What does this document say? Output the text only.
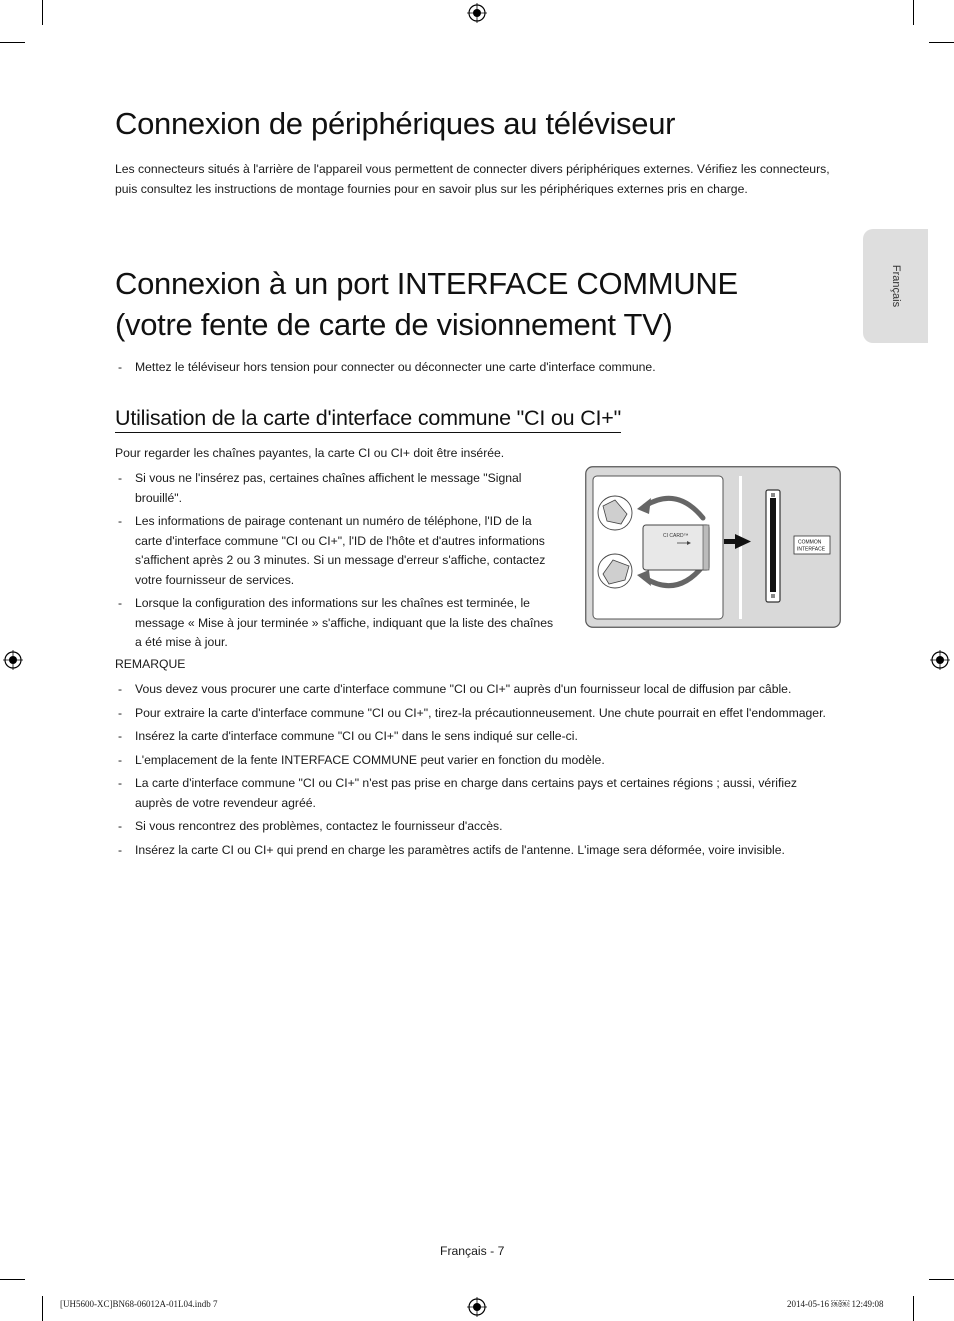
Connexion de périphériques au téléviseur

Les connecteurs situés à l'arrière de l'appareil vous permettent de connecter divers périphériques externes. Vérifiez les connecteurs, puis consultez les instructions de montage fournies pour en savoir plus sur les périphériques externes pris en charge.

Connexion à un port INTERFACE COMMUNE
(votre fente de carte de visionnement TV)
- Mettez le téléviseur hors tension pour connecter ou déconnecter une carte d'interface commune.
Utilisation de la carte d'interface commune "CI ou CI+"
Pour regarder les chaînes payantes, la carte CI ou CI+ doit être insérée.
- Si vous ne l'insérez pas, certaines chaînes affichent le message "Signal brouillé".
- Les informations de pairage contenant un numéro de téléphone, l'ID de la carte d'interface commune "CI ou CI+", l'ID de l'hôte et d'autres informations s'affichent après 2 ou 3 minutes. Si un message d'erreur s'affiche, contactez votre fournisseur de services.
- Lorsque la configuration des informations sur les chaînes est terminée, le message « Mise à jour terminée » s'affiche, indiquant que la liste des chaînes a été mise à jour.
CI CARD™
COMMON
INTERFACE
REMARQUE
- Vous devez vous procurer une carte d'interface commune "CI ou CI+" auprès d'un fournisseur local de diffusion par câble.
- Pour extraire la carte d'interface commune "CI ou CI+", tirez-la précautionneusement. Une chute pourrait en effet l'endommager.
- Insérez la carte d'interface commune "CI ou CI+" dans le sens indiqué sur celle-ci.
- L'emplacement de la fente INTERFACE COMMUNE peut varier en fonction du modèle.
- La carte d'interface commune "CI ou CI+" n'est pas prise en charge dans certains pays et certaines régions ; aussi, vérifiez auprès de votre revendeur agréé.
- Si vous rencontrez des problèmes, contactez le fournisseur d'accès.
- Insérez la carte CI ou CI+ qui prend en charge les paramètres actifs de l'antenne. L'image sera déformée, voire invisible.
Français
Français - 7
[UH5600-XC]BN68-06012A-01L04.indb 7	2014-05-16 ￼￼ 12:49:08
